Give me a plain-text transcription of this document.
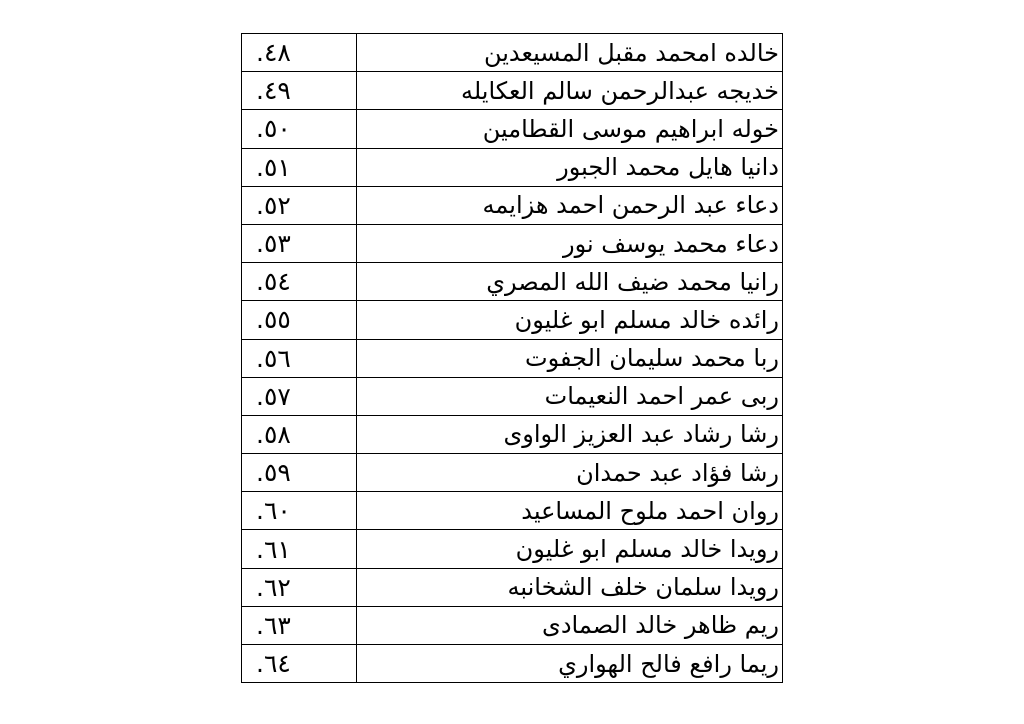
خالده امحمد مقبل المسيعدين	.٤٨
خديجه عبدالرحمن سالم العكايله	.٤٩
خوله ابراهيم موسى القطامين	.٥٠
دانيا هايل محمد الجبور	.٥١
دعاء عبد الرحمن احمد هزايمه	.٥٢
دعاء محمد يوسف نور	.٥٣
رانيا محمد ضيف الله المصري	.٥٤
رائده خالد مسلم ابو غليون	.٥٥
ربا محمد سليمان الجفوت	.٥٦
ربى عمر احمد النعيمات	.٥٧
رشا رشاد عبد العزيز الواوى	.٥٨
رشا فؤاد عبد حمدان	.٥٩
روان احمد ملوح المساعيد	.٦٠
رويدا خالد مسلم ابو غليون	.٦١
رويدا سلمان خلف الشخانبه	.٦٢
ريم ظاهر خالد الصمادى	.٦٣
ريما رافع فالح الهواري	.٦٤
